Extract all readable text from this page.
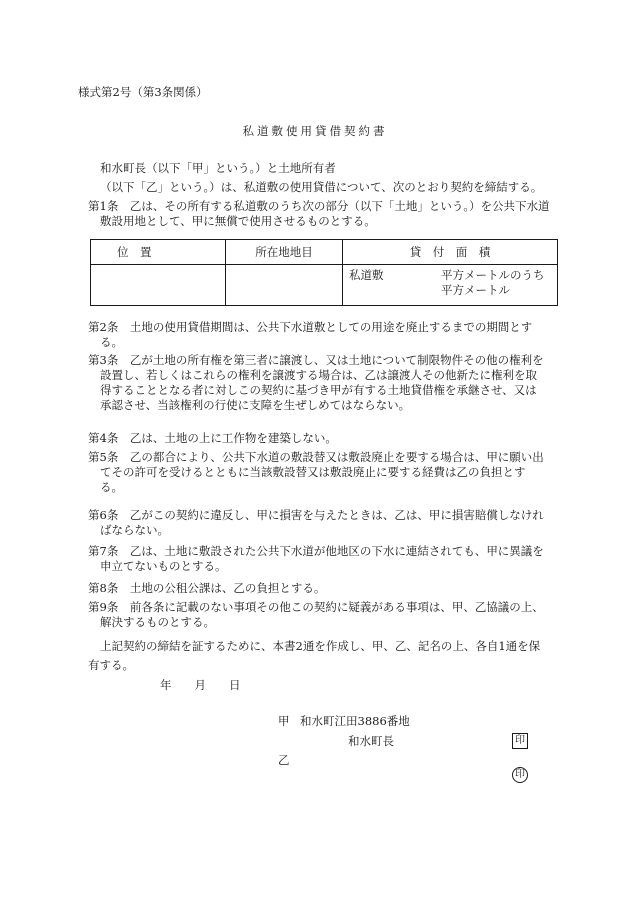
様式第2号（第3条関係）
私道敷使用貸借契約書
和水町長（以下「甲」という。）と土地所有者
（以下「乙」という。）は、私道敷の使用貸借について、次のとおり契約を締結する。
第1条　乙は、その所有する私道敷のうち次の部分（以下「土地」という。）を公共下水道
敷設用地として、甲に無償で使用させるものとする。
位　置	所在地地目	貸　付　面　積

		私道敷 平方メートルのうち
平方メートル
第2条　土地の使用貸借期間は、公共下水道敷としての用途を廃止するまでの期間とす
る。
第3条　乙が土地の所有権を第三者に譲渡し、又は土地について制限物件その他の権利を
設置し、若しくはこれらの権利を譲渡する場合は、乙は譲渡人その他新たに権利を取
得することとなる者に対しこの契約に基づき甲が有する土地貸借権を承継させ、又は
承認させ、当該権利の行使に支障を生ぜしめてはならない。
第4条　乙は、土地の上に工作物を建築しない。
第5条　乙の都合により、公共下水道の敷設替又は敷設廃止を要する場合は、甲に願い出
てその許可を受けるとともに当該敷設替又は敷設廃止に要する経費は乙の負担とす
る。
第6条　乙がこの契約に違反し、甲に損害を与えたときは、乙は、甲に損害賠償しなけれ
ばならない。
第7条　乙は、土地に敷設された公共下水道が他地区の下水に連結されても、甲に異議を
申立てないものとする。
第8条　土地の公租公課は、乙の負担とする。
第9条　前各条に記載のない事項その他この契約に疑義がある事項は、甲、乙協議の上、
解決するものとする。
上記契約の締結を証するために、本書2通を作成し、甲、乙、記名の上、各自1通を保
有する。
年　　月　　日
甲 和水町江田3886番地
和水町長	印
乙
印
